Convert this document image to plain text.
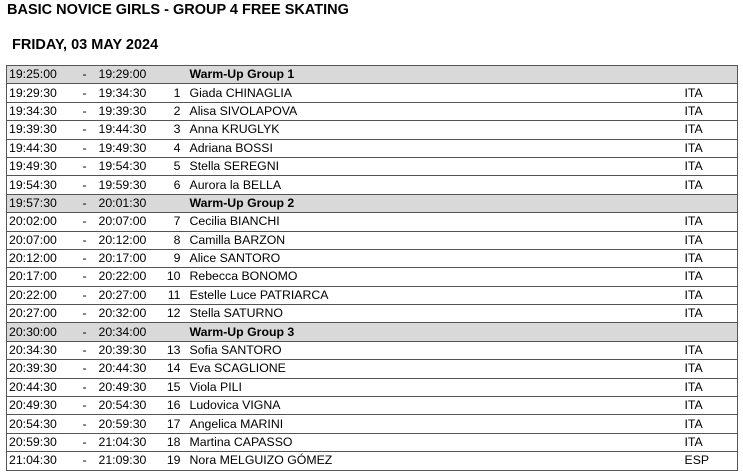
BASIC NOVICE GIRLS - GROUP 4 FREE SKATING
FRIDAY, 03 MAY 2024
19:25:00	-	19:29:00		Warm-Up Group 1	
19:29:30	-	19:34:30	1	Giada CHINAGLIA	ITA
19:34:30	-	19:39:30	2	Alisa SIVOLAPOVA	ITA
19:39:30	-	19:44:30	3	Anna KRUGLYK	ITA
19:44:30	-	19:49:30	4	Adriana BOSSI	ITA
19:49:30	-	19:54:30	5	Stella SEREGNI	ITA
19:54:30	-	19:59:30	6	Aurora la BELLA	ITA
19:57:30	-	20:01:30		Warm-Up Group 2	
20:02:00	-	20:07:00	7	Cecilia BIANCHI	ITA
20:07:00	-	20:12:00	8	Camilla BARZON	ITA
20:12:00	-	20:17:00	9	Alice SANTORO	ITA
20:17:00	-	20:22:00	10	Rebecca BONOMO	ITA
20:22:00	-	20:27:00	11	Estelle Luce PATRIARCA	ITA
20:27:00	-	20:32:00	12	Stella SATURNO	ITA
20:30:00	-	20:34:00		Warm-Up Group 3	
20:34:30	-	20:39:30	13	Sofia SANTORO	ITA
20:39:30	-	20:44:30	14	Eva SCAGLIONE	ITA
20:44:30	-	20:49:30	15	Viola PILI	ITA
20:49:30	-	20:54:30	16	Ludovica VIGNA	ITA
20:54:30	-	20:59:30	17	Angelica MARINI	ITA
20:59:30	-	21:04:30	18	Martina CAPASSO	ITA
21:04:30	-	21:09:30	19	Nora MELGUIZO GÓMEZ	ESP
